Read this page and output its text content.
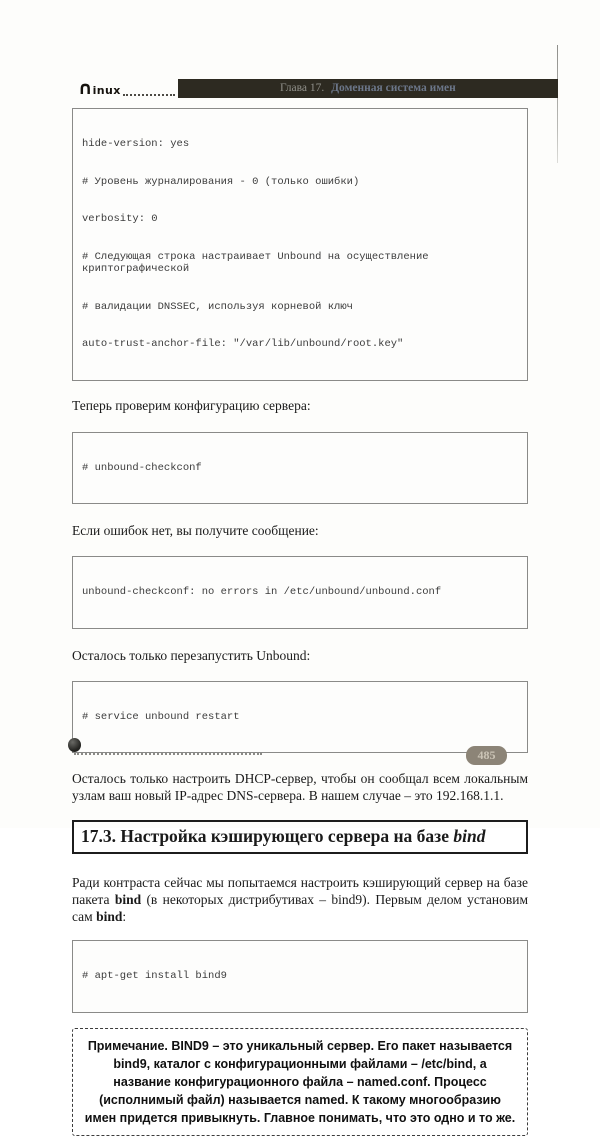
∩ inux	Глава 17. Доменная система имен

hide-version: yes

# Уровень журналирования - 0 (только ошибки)

verbosity: 0

# Следующая строка настраивает Unbound на осуществление криптографической

# валидации DNSSEC, используя корневой ключ

auto-trust-anchor-file: "/var/lib/unbound/root.key"

Теперь проверим конфигурацию сервера:

# unbound-checkconf

Если ошибок нет, вы получите сообщение:

unbound-checkconf: no errors in /etc/unbound/unbound.conf

Осталось только перезапустить Unbound:

# service unbound restart

Осталось только настроить DHCP-сервер, чтобы он сообщал всем локальным узлам ваш новый IP-адрес DNS-сервера. В нашем случае – это 192.168.1.1.

17.3. Настройка кэширующего сервера на базе bind

Ради контраста сейчас мы попытаемся настроить кэширующий сервер на базе пакета bind (в некоторых дистрибутивах – bind9). Первым делом установим сам bind:

# apt-get install bind9

Примечание. BIND9 – это уникальный сервер. Его пакет называется bind9, каталог с конфигурационными файлами – /etc/bind, а название конфигурационного файла – named.conf. Процесс (исполнимый файл) называется named. К такому многообразию имен придется привыкнуть. Главное понимать, что это одно и то же.
485
